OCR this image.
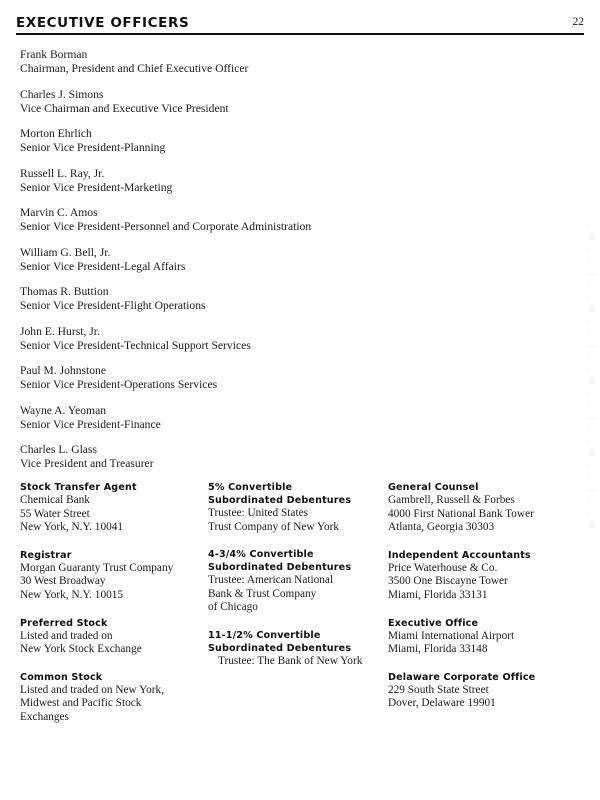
EXECUTIVE OFFICERS	22
Frank Borman
Chairman, President and Chief Executive Officer
Charles J. Simons
Vice Chairman and Executive Vice President
Morton Ehrlich
Senior Vice President-Planning
Russell L. Ray, Jr.
Senior Vice President-Marketing
Marvin C. Amos
Senior Vice President-Personnel and Corporate Administration
William G. Bell, Jr.
Senior Vice President-Legal Affairs
Thomas R. Buttion
Senior Vice President-Flight Operations
John E. Hurst, Jr.
Senior Vice President-Technical Support Services
Paul M. Johnstone
Senior Vice President-Operations Services
Wayne A. Yeoman
Senior Vice President-Finance
Charles L. Glass
Vice President and Treasurer
Stock Transfer Agent
Chemical Bank
55 Water Street
New York, N.Y. 10041
Registrar
Morgan Guaranty Trust Company
30 West Broadway
New York, N.Y. 10015
Preferred Stock
Listed and traded on
New York Stock Exchange
Common Stock
Listed and traded on New York,
Midwest and Pacific Stock
Exchanges
5% Convertible
Subordinated Debentures
Trustee: United States
Trust Company of New York
4-3/4% Convertible
Subordinated Debentures
Trustee: American National
Bank & Trust Company
of Chicago
11-1/2% Convertible
Subordinated Debentures
Trustee: The Bank of New York
General Counsel
Gambrell, Russell & Forbes
4000 First National Bank Tower
Atlanta, Georgia 30303
Independent Accountants
Price Waterhouse & Co.
3500 One Biscayne Tower
Miami, Florida 33131
Executive Office
Miami International Airport
Miami, Florida 33148
Delaware Corporate Office
229 South State Street
Dover, Delaware 19901
·
—
·
·
—
·
·
—
·
·
—
·
·
—
·
·
—
·
·
—
·
·
—
·
·
—
